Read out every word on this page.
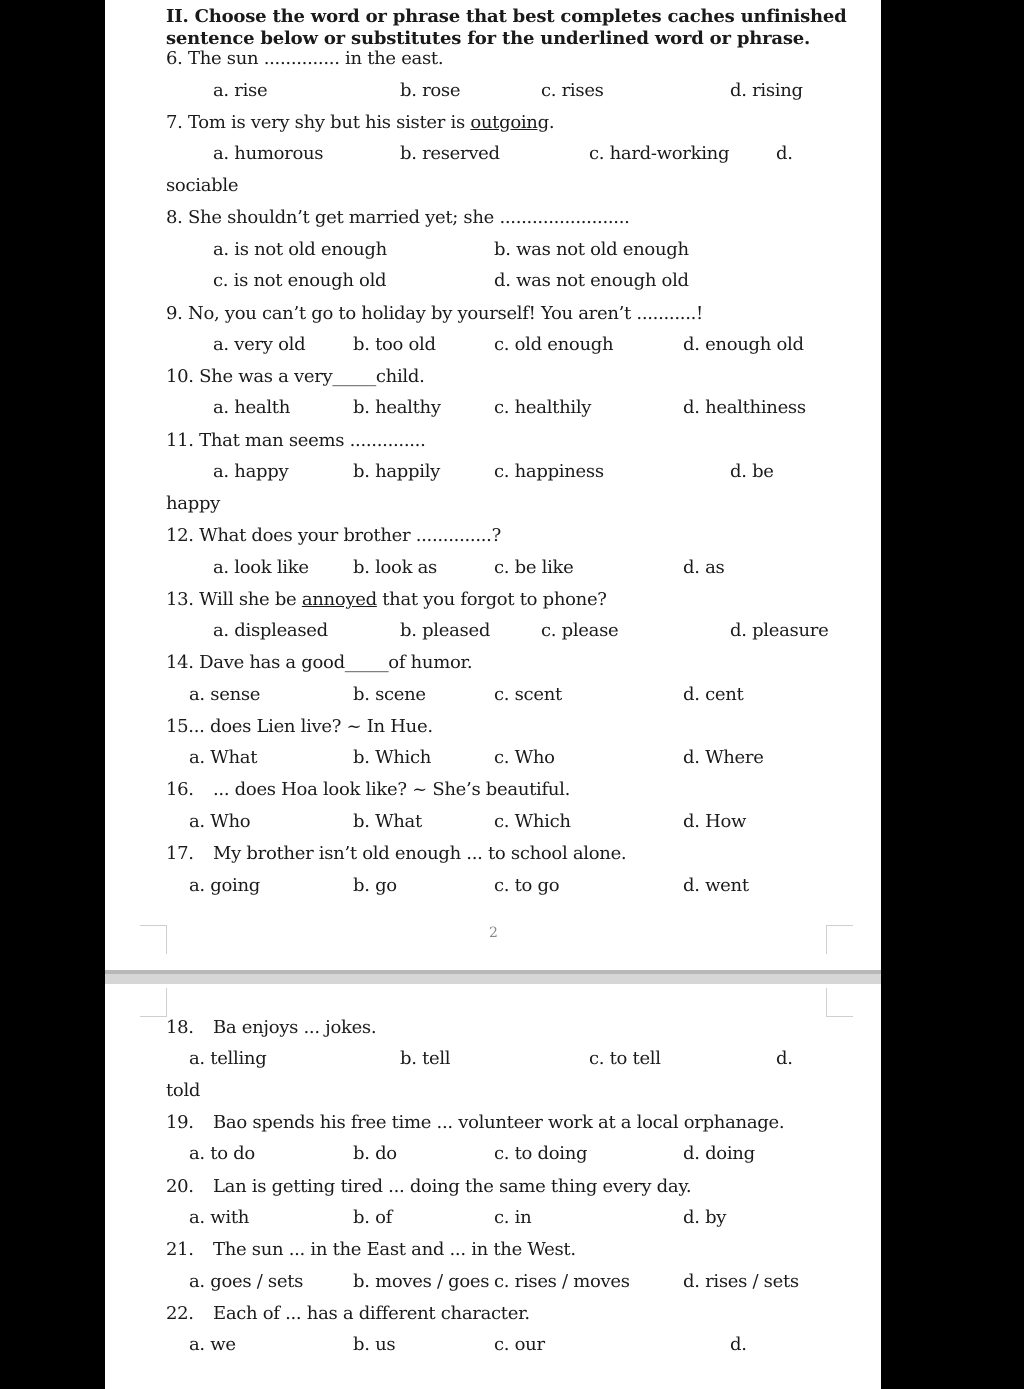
II. Choose the word or phrase that best completes caches unfinished
sentence below or substitutes for the underlined word or phrase.
6. The sun .............. in the east.
a. rise	b. rose	c. rises	d. rising
7. Tom is very shy but his sister is outgoing.
a. humorous	b. reserved	c. hard-working	d.
sociable
8. She shouldn’t get married yet; she ........................
a. is not old enough	b. was not old enough
c. is not enough old	d. was not enough old
9. No, you can’t go to holiday by yourself! You aren’t ...........!
a. very old	b. too old	c. old enough	d. enough old
10. She was a very_____child.
a. health	b. healthy	c. healthily	d. healthiness
11. That man seems ..............
a. happy	b. happily	c. happiness	d. be
happy
12. What does your brother ..............?
a. look like b. look as	c. be like	d. as
13. Will she be annoyed that you forgot to phone?
a. displeased	b. pleased	c. please	d. pleasure
14. Dave has a good_____of humor.
a. sense	b. scene	c. scent	d. cent
15... does Lien live? ~ In Hue.
a. What	b. Which	c. Who	d. Where
16. ... does Hoa look like? ~ She’s beautiful.
a. Who	b. What	c. Which	d. How
17. My brother isn’t old enough ... to school alone.
a. going	b. go	c. to go	d. went
2
18. Ba enjoys ... jokes.
a. telling	b. tell	c. to tell	d.
told
19. Bao spends his free time ... volunteer work at a local orphanage.
a. to do	b. do	c. to doing	d. doing
20. Lan is getting tired ... doing the same thing every day.
a. with	b. of	c. in	d. by
21. The sun ... in the East and ... in the West.
a. goes / sets	b. moves / goes c. rises / moves	d. rises / sets
22. Each of ... has a different character.
a. we	b. us	c. our	d.
